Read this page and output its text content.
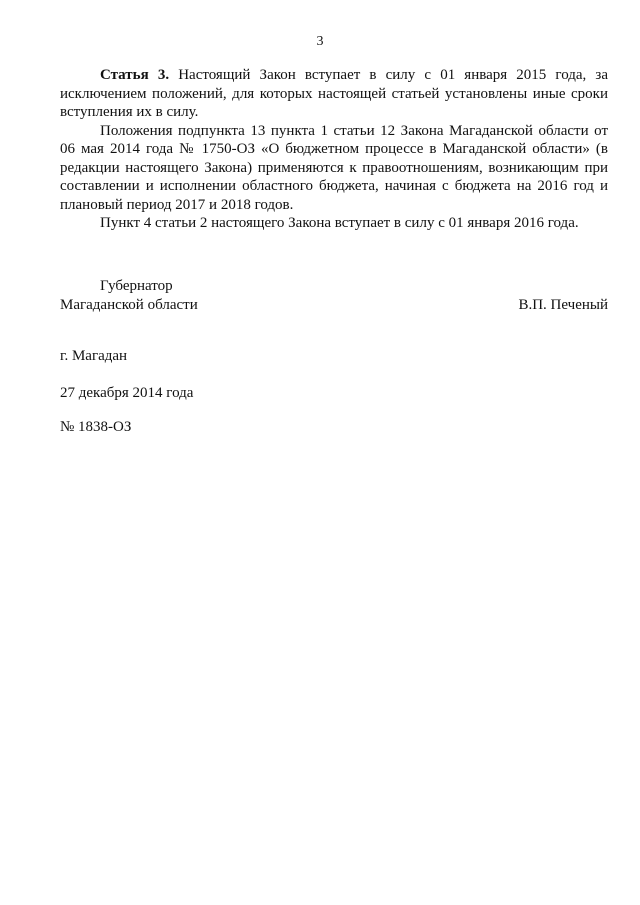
3

Статья 3. Настоящий Закон вступает в силу с 01 января 2015 года, за исключением положений, для которых настоящей статьей установлены иные сроки вступления их в силу.

Положения подпункта 13 пункта 1 статьи 12 Закона Магаданской области от 06 мая 2014 года № 1750-ОЗ «О бюджетном процессе в Магаданской области» (в редакции настоящего Закона) применяются к правоотношениям, возникающим при составлении и исполнении областного бюджета, начиная с бюджета на 2016 год и плановый период 2017 и 2018 годов.

Пункт 4 статьи 2 настоящего Закона вступает в силу с 01 января 2016 года.

Губернатор
Магаданской области	В.П. Печеный
г. Магадан
27 декабря 2014 года
№ 1838-ОЗ
